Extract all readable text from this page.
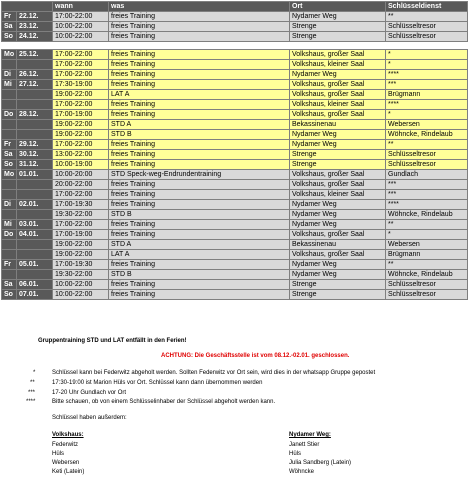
		wann	was	Ort	Schlüsseldienst
Fr	22.12.	17:00-22:00	freies Training	Nydamer Weg	**
Sa	23.12.	10:00-22:00	freies Training	Strenge	Schlüsseltresor
So	24.12.	10:00-22:00	freies Training	Strenge	Schlüsseltresor

Mo	25.12.	17:00-22:00	freies Training	Volkshaus, großer Saal	*
		17:00-22:00	freies Training	Volkshaus, kleiner Saal	*
Di	26.12.	17:00-22:00	freies Training	Nydamer Weg	****
Mi	27.12.	17:30-19:00	freies Training	Volkshaus, großer Saal	***
		19:00-22:00	LAT A	Volkshaus, großer Saal	Brügmann
		17:00-22:00	freies Training	Volkshaus, kleiner Saal	****
Do	28.12.	17:00-19:00	freies Training	Volkshaus, großer Saal	*
		19:00-22:00	STD A	Bekassinenau	Webersen
		19:00-22:00	STD B	Nydamer Weg	Wöhncke, Rindelaub
Fr	29.12.	17:00-22:00	freies Training	Nydamer Weg	**
Sa	30.12.	13:00-22:00	freies Training	Strenge	Schlüsseltresor
So	31.12.	10:00-19:00	freies Training	Strenge	Schlüsseltresor
Mo	01.01.	10:00-20:00	STD Speck-weg-Endrundentraining	Volkshaus, großer Saal	Gundlach
		20:00-22:00	freies Training	Volkshaus, großer Saal	***
		17:00-22:00	freies Training	Volkshaus, kleiner Saal	***
Di	02.01.	17:00-19:30	freies Training	Nydamer Weg	****
		19:30-22:00	STD B	Nydamer Weg	Wöhncke, Rindelaub
Mi	03.01.	17:00-22:00	freies Training	Nydamer Weg	**
Do	04.01.	17:00-19:00	freies Training	Volkshaus, großer Saal	*
		19:00-22:00	STD A	Bekassinenau	Webersen
		19:00-22:00	LAT A	Volkshaus, großer Saal	Brügmann
Fr	05.01.	17:00-19:30	freies Training	Nydamer Weg	**
		19:30-22:00	STD B	Nydamer Weg	Wöhncke, Rindelaub
Sa	06.01.	10:00-22:00	freies Training	Strenge	Schlüsseltresor
So	07.01.	10:00-22:00	freies Training	Strenge	Schlüsseltresor
Gruppentraining STD und LAT entfällt in den Ferien!
ACHTUNG: Die Geschäftsstelle ist vom 08.12.-02.01. geschlossen.
*	Schlüssel kann bei Federwitz abgeholt werden. Sollten Federwitz vor Ort sein, wird dies in der whatsapp Gruppe gepostet
**	17:30-19:00 ist Marion Hüls vor Ort. Schlüssel kann dann übernommen werden
***	17-20 Uhr Gundlach vor Ort
****	Bitte schauen, ob von einem Schlüsselinhaber der Schlüssel abgeholt werden kann.
Schlüssel haben außerdem:
Volkshaus:
Federwitz
Hüls
Webersen
Keti (Latein)
Nydamer Weg:
Janett Stier
Hüls
Julia Sandberg (Latein)
Wöhncke
